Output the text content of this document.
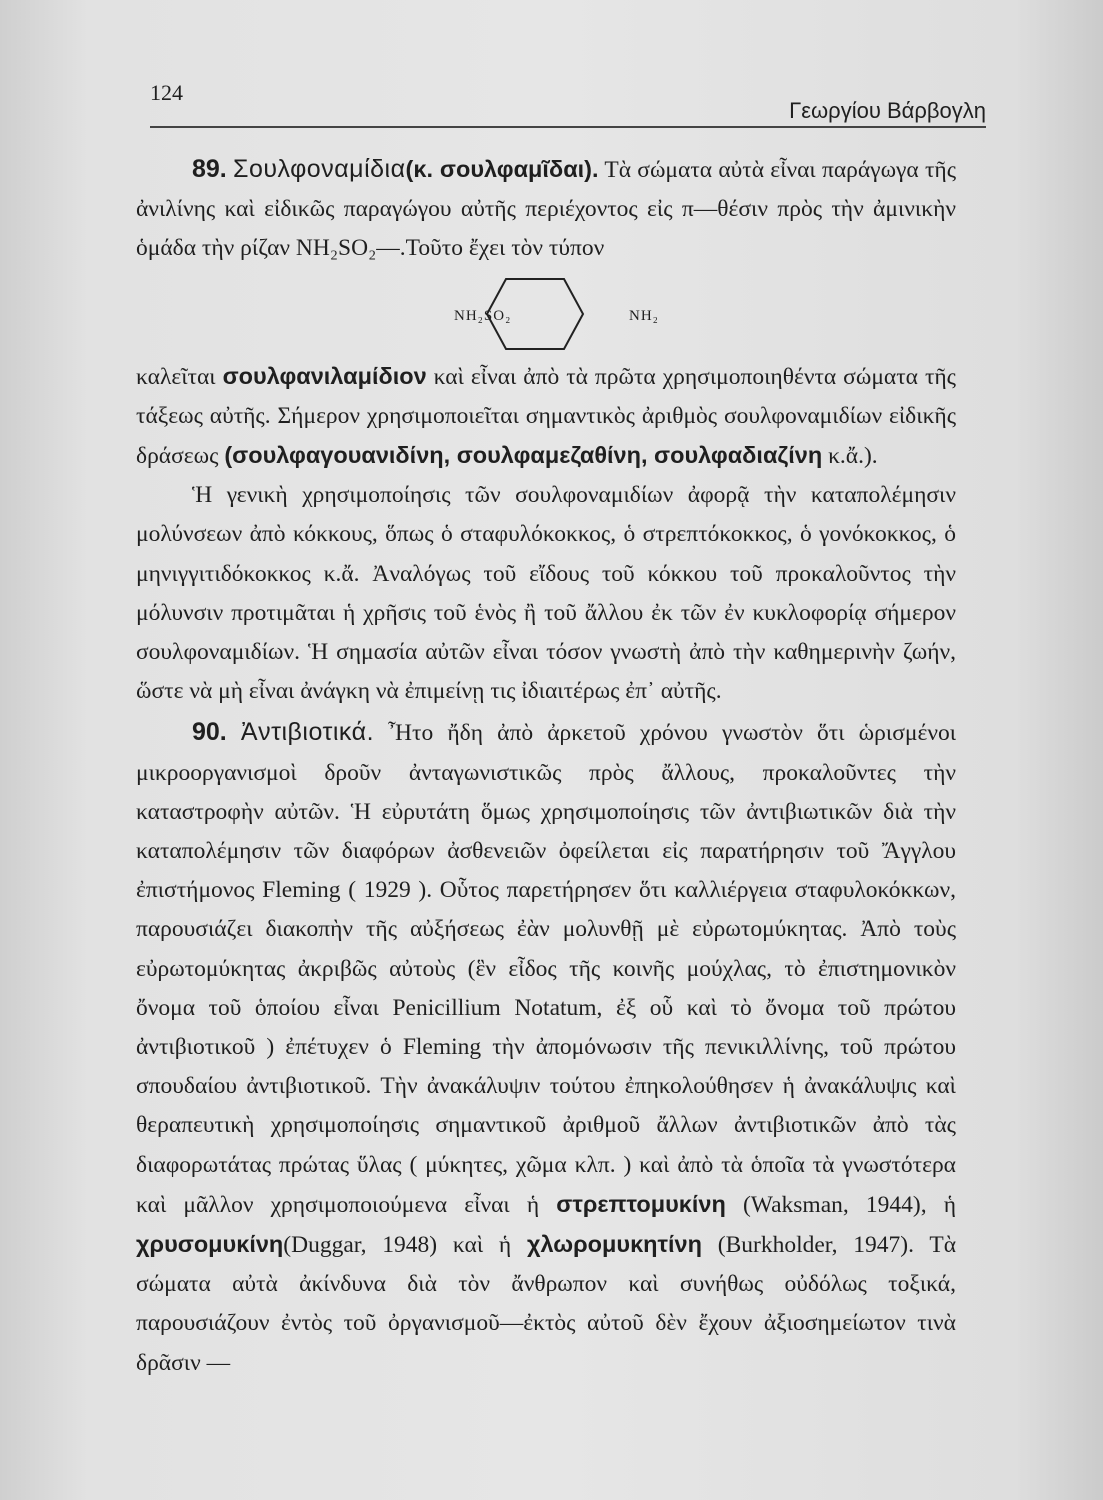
124
Γεωργίου Βάρβογλη

89. Σουλφοναμίδια(κ. σουλφαμῖδαι). Τὰ σώματα αὐτὰ εἶναι παράγωγα τῆς ἀνιλίνης καὶ εἰδικῶς παραγώγου αὐτῆς περιέχοντος εἰς π—θέσιν πρὸς τὴν ἀμινικὴν ὁμάδα τὴν ρίζαν NH₂SO₂—.Τοῦτο ἔχει τὸν τύπον

NH₂SO₂	NH₂

καλεῖται σουλφανιλαμίδιον καὶ εἶναι ἀπὸ τὰ πρῶτα χρησιμοποιηθέντα σώματα τῆς τάξεως αὐτῆς. Σήμερον χρησιμοποιεῖται σημαντικὸς ἀριθμὸς σουλφοναμιδίων εἰδικῆς δράσεως (σουλφαγουανιδίνη, σουλφαμεζαθίνη, σουλφαδιαζίνη κ.ἄ.).

Ἡ γενικὴ χρησιμοποίησις τῶν σουλφοναμιδίων ἀφορᾷ τὴν καταπολέμησιν μολύνσεων ἀπὸ κόκκους, ὅπως ὁ σταφυλόκοκκος, ὁ στρεπτόκοκκος, ὁ γονόκοκκος, ὁ μηνιγγιτιδόκοκκος κ.ἄ. Ἀναλόγως τοῦ εἴδους τοῦ κόκκου τοῦ προκαλοῦντος τὴν μόλυνσιν προτιμᾶται ἡ χρῆσις τοῦ ἑνὸς ἢ τοῦ ἄλλου ἐκ τῶν ἐν κυκλοφορίᾳ σήμερον σουλφοναμιδίων. Ἡ σημασία αὐτῶν εἶναι τόσον γνωστὴ ἀπὸ τὴν καθημερινὴν ζωήν, ὥστε νὰ μὴ εἶναι ἀνάγκη νὰ ἐπιμείνῃ τις ἰδιαιτέρως ἐπ᾽ αὐτῆς.

90. Ἀντιβιοτικά. Ἦτο ἤδη ἀπὸ ἀρκετοῦ χρόνου γνωστὸν ὅτι ὡρισμένοι μικροοργανισμοὶ δροῦν ἀνταγωνιστικῶς πρὸς ἄλλους, προκαλοῦντες τὴν καταστροφὴν αὐτῶν. Ἡ εὐρυτάτη ὅμως χρησιμοποίησις τῶν ἀντιβιωτικῶν διὰ τὴν καταπολέμησιν τῶν διαφόρων ἀσθενειῶν ὀφείλεται εἰς παρατήρησιν τοῦ Ἄγγλου ἐπιστήμονος Fleming ( 1929 ). Οὗτος παρετήρησεν ὅτι καλλιέργεια σταφυλοκόκκων, παρουσιάζει διακοπὴν τῆς αὐξήσεως ἐὰν μολυνθῇ μὲ εὐρωτομύκητας. Ἀπὸ τοὺς εὐρωτομύκητας ἀκριβῶς αὐτοὺς (ἓν εἶδος τῆς κοινῆς μούχλας, τὸ ἐπιστημονικὸν ὄνομα τοῦ ὁποίου εἶναι Penicillium Notatum, ἐξ οὗ καὶ τὸ ὄνομα τοῦ πρώτου ἀντιβιοτικοῦ ) ἐπέτυχεν ὁ Fleming τὴν ἀπομόνωσιν τῆς πενικιλλίνης, τοῦ πρώτου σπουδαίου ἀντιβιοτικοῦ. Τὴν ἀνακάλυψιν τούτου ἐπηκολούθησεν ἡ ἀνακάλυψις καὶ θεραπευτικὴ χρησιμοποίησις σημαντικοῦ ἀριθμοῦ ἄλλων ἀντιβιοτικῶν ἀπὸ τὰς διαφορωτάτας πρώτας ὕλας ( μύκητες, χῶμα κλπ. ) καὶ ἀπὸ τὰ ὁποῖα τὰ γνωστότερα καὶ μᾶλλον χρησιμοποιούμενα εἶναι ἡ στρεπτομυκίνη (Waksman, 1944), ἡ χρυσομυκίνη(Duggar, 1948) καὶ ἡ χλωρομυκητίνη (Burkholder, 1947). Τὰ σώματα αὐτὰ ἀκίνδυνα διὰ τὸν ἄνθρωπον καὶ συνήθως οὐδόλως τοξικά, παρουσιάζουν ἐντὸς τοῦ ὀργανισμοῦ—ἐκτὸς αὐτοῦ δὲν ἔχουν ἀξιοσημείωτον τινὰ δρᾶσιν —
